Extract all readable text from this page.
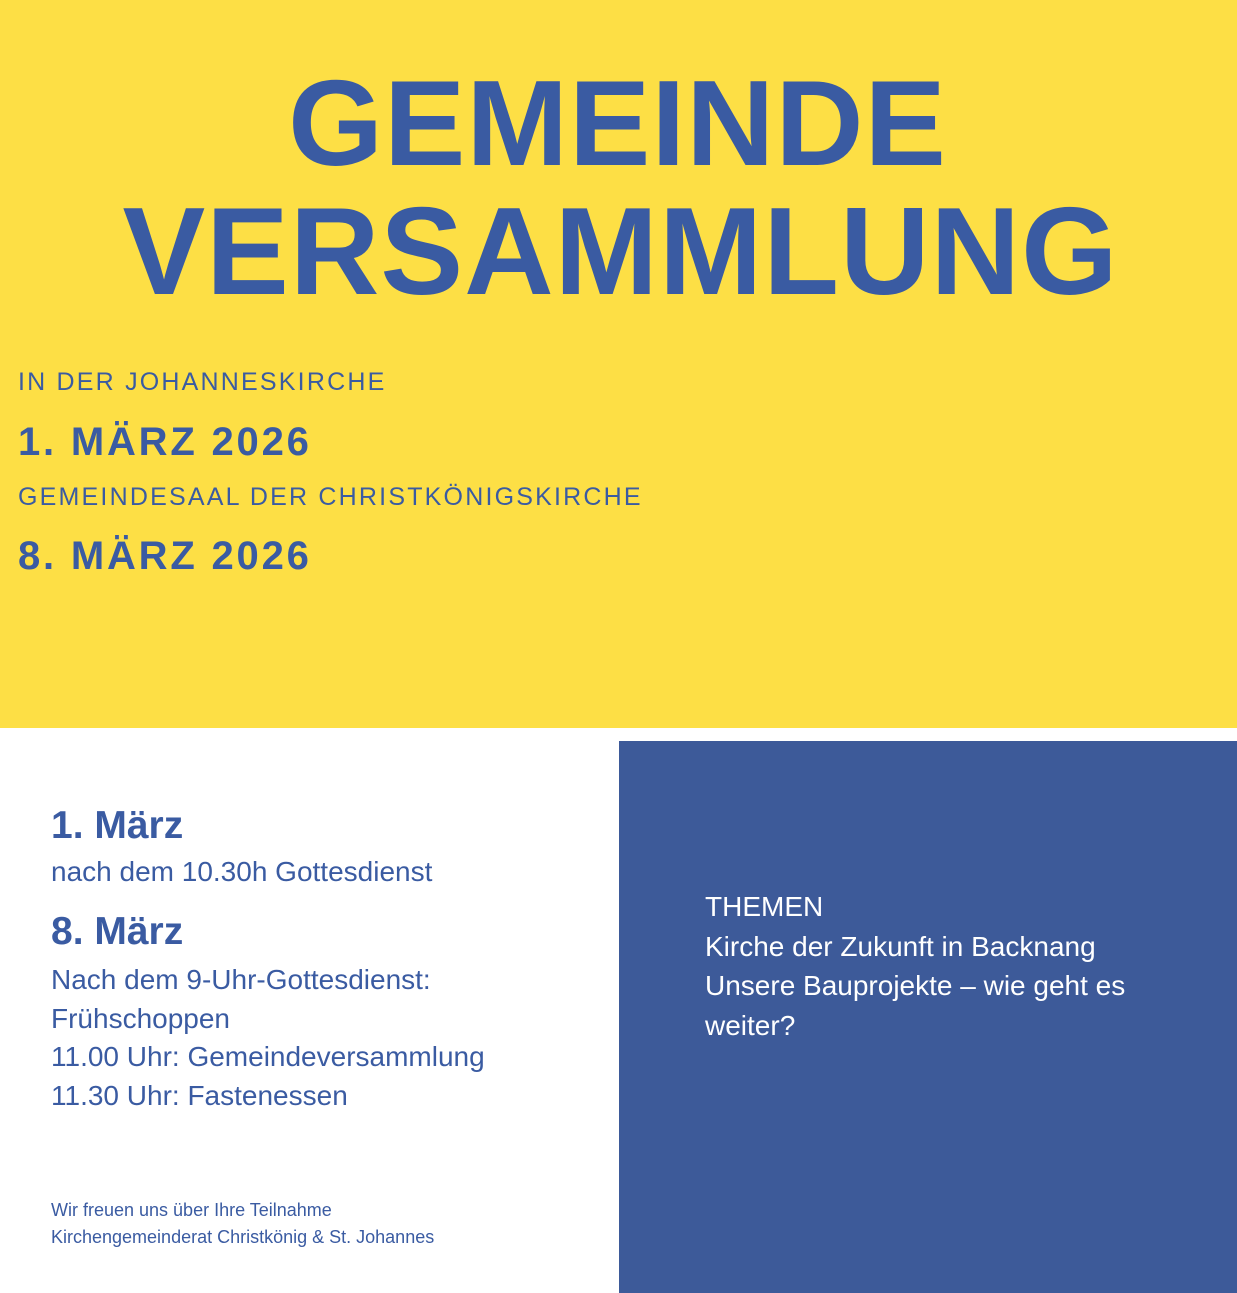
GEMEINDE
VERSAMMLUNG
IN DER JOHANNESKIRCHE
1. MÄRZ 2026
GEMEINDESAAL DER CHRISTKÖNIGSKIRCHE
8. MÄRZ 2026
1. März
nach dem 10.30h Gottesdienst
8. März
Nach dem 9-Uhr-Gottesdienst:
Frühschoppen
11.00 Uhr: Gemeindeversammlung
11.30 Uhr: Fastenessen
Wir freuen uns über Ihre Teilnahme
Kirchengemeinderat Christkönig & St. Johannes
THEMEN
Kirche der Zukunft in Backnang
Unsere Bauprojekte – wie geht es
weiter?
